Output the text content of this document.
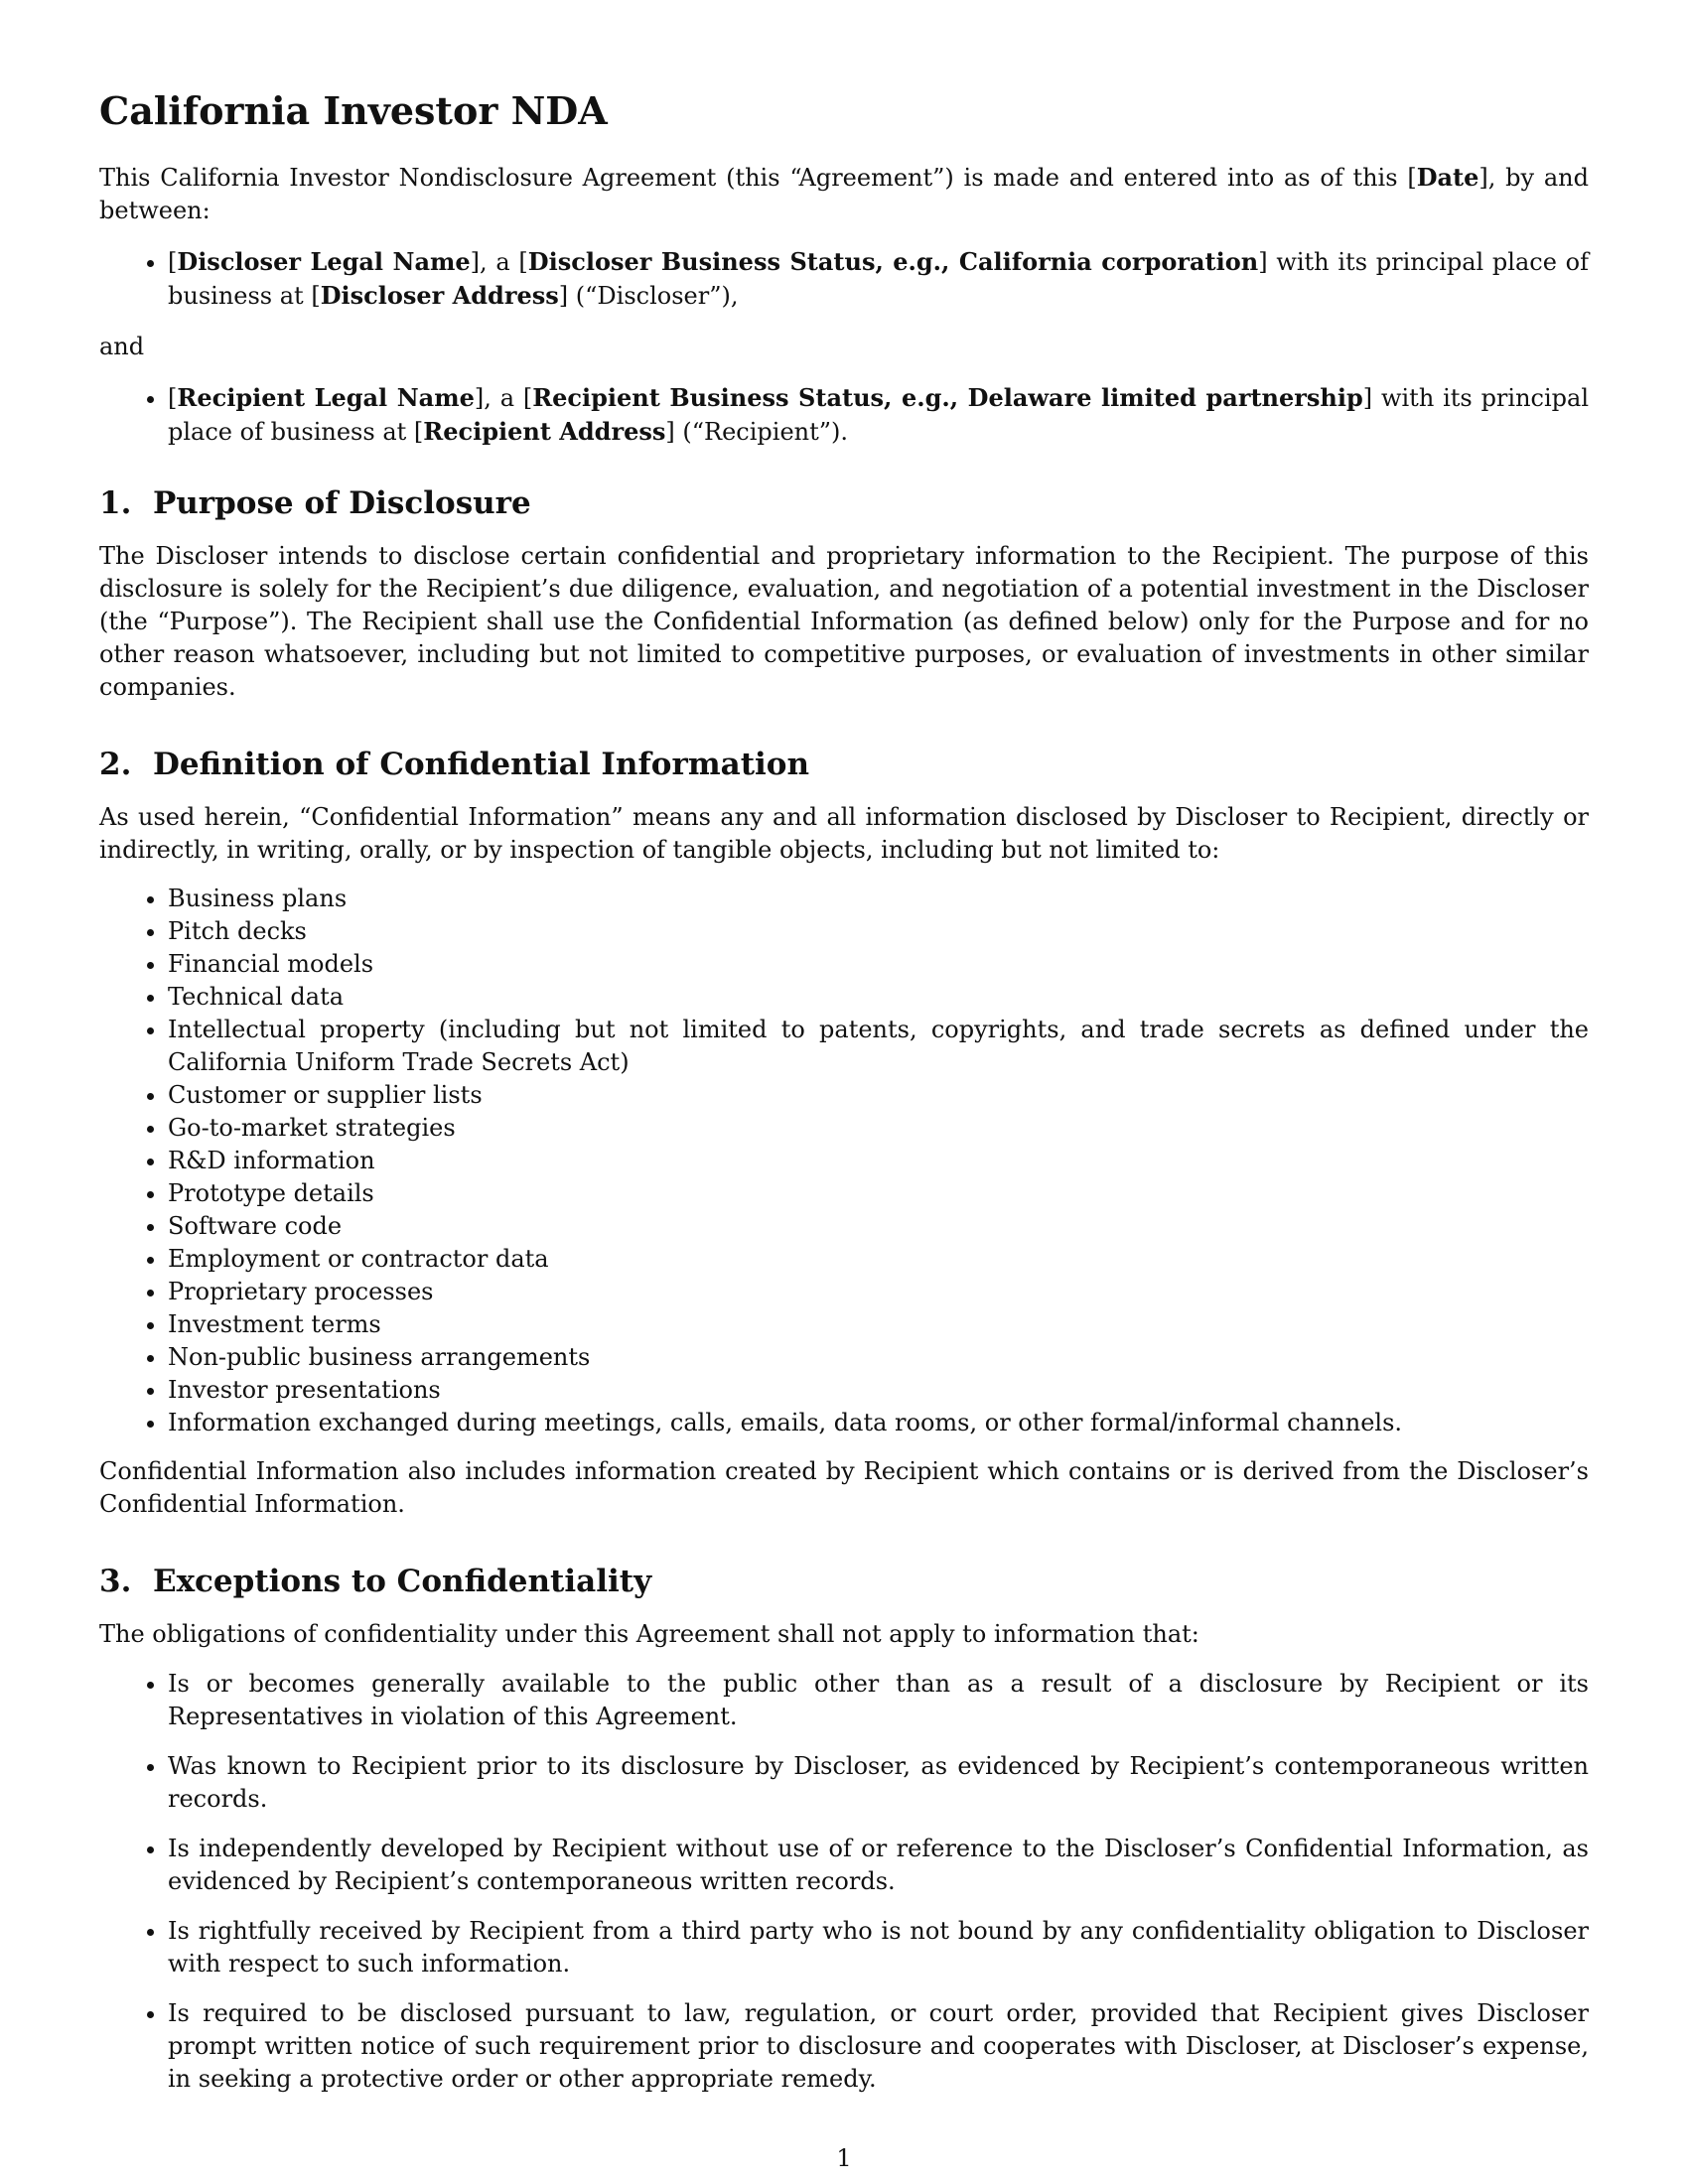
California Investor NDA

This California Investor Nondisclosure Agreement (this “Agreement”) is made and entered into as of this [Date], by and between:

• [Discloser Legal Name], a [Discloser Business Status, e.g., California corporation] with its principal place of business at [Discloser Address] (“Discloser”),

and

• [Recipient Legal Name], a [Recipient Business Status, e.g., Delaware limited partnership] with its principal place of business at [Recipient Address] (“Recipient”).
1.  Purpose of Disclosure

The Discloser intends to disclose certain confidential and proprietary information to the Recipient. The purpose of this disclosure is solely for the Recipient’s due diligence, evaluation, and negotiation of a potential investment in the Discloser (the “Purpose”). The Recipient shall use the Confidential Information (as defined below) only for the Purpose and for no other reason whatsoever, including but not limited to competitive purposes, or evaluation of investments in other similar companies.

2.  Definition of Confidential Information

As used herein, “Confidential Information” means any and all information disclosed by Discloser to Recipient, directly or indirectly, in writing, orally, or by inspection of tangible objects, including but not limited to:

• Business plans
• Pitch decks
• Financial models
• Technical data
• Intellectual property (including but not limited to patents, copyrights, and trade secrets as defined under the California Uniform Trade Secrets Act)
• Customer or supplier lists
• Go-to-market strategies
• R&D information
• Prototype details
• Software code
• Employment or contractor data
• Proprietary processes
• Investment terms
• Non-public business arrangements
• Investor presentations
• Information exchanged during meetings, calls, emails, data rooms, or other formal/informal channels.

Confidential Information also includes information created by Recipient which contains or is derived from the Discloser’s Confidential Information.

3.  Exceptions to Confidentiality

The obligations of confidentiality under this Agreement shall not apply to information that:

• Is or becomes generally available to the public other than as a result of a disclosure by Recipient or its Representatives in violation of this Agreement.
• Was known to Recipient prior to its disclosure by Discloser, as evidenced by Recipient’s contemporaneous written records.
• Is independently developed by Recipient without use of or reference to the Discloser’s Confidential Information, as evidenced by Recipient’s contemporaneous written records.
• Is rightfully received by Recipient from a third party who is not bound by any confidentiality obligation to Discloser with respect to such information.
• Is required to be disclosed pursuant to law, regulation, or court order, provided that Recipient gives Discloser prompt written notice of such requirement prior to disclosure and cooperates with Discloser, at Discloser’s expense, in seeking a protective order or other appropriate remedy.
1
